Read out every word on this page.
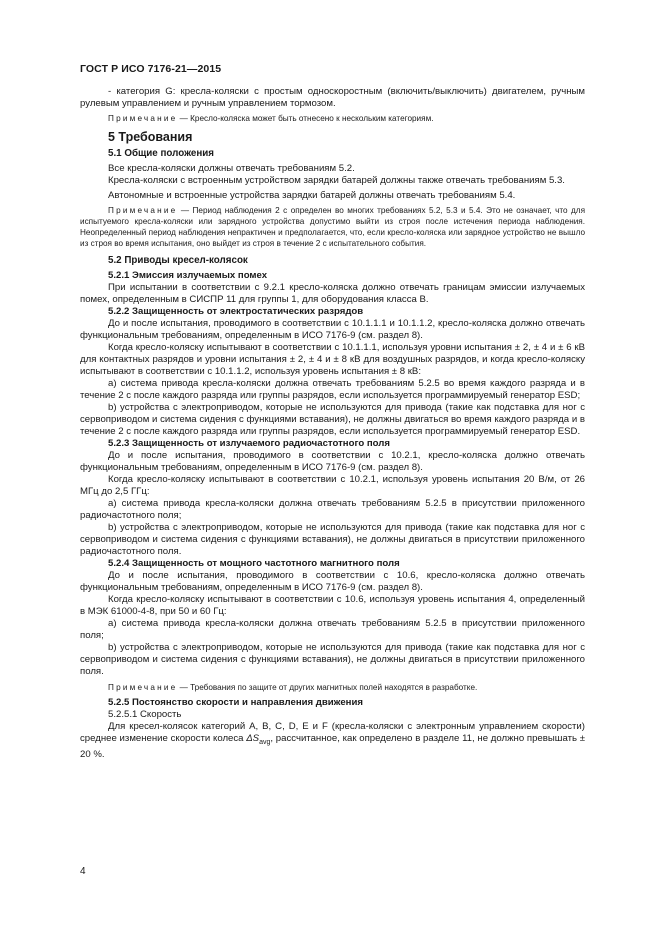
ГОСТ Р ИСО 7176-21—2015

- категория G: кресла-коляски с простым односкоростным (включить/выключить) двигателем, ручным рулевым управлением и ручным управлением тормозом.

Примечание — Кресло-коляска может быть отнесено к нескольким категориям.

5 Требования
5.1 Общие положения

Все кресла-коляски должны отвечать требованиям 5.2.

Кресла-коляски с встроенным устройством зарядки батарей должны также отвечать требованиям 5.3.

Автономные и встроенные устройства зарядки батарей должны отвечать требованиям 5.4.

Примечание — Период наблюдения 2 с определен во многих требованиях 5.2, 5.3 и 5.4. Это не означает, что для испытуемого кресла-коляски или зарядного устройства допустимо выйти из строя после истечения периода наблюдения. Неопределенный период наблюдения непрактичен и предполагается, что, если кресло-коляска или зарядное устройство не вышло из строя во время испытания, оно выйдет из строя в течение 2 с испытательного события.

5.2 Приводы кресел-колясок
5.2.1 Эмиссия излучаемых помех

При испытании в соответствии с 9.2.1 кресло-коляска должно отвечать границам эмиссии излучаемых помех, определенным в СИСПР 11 для группы 1, для оборудования класса В.

5.2.2 Защищенность от электростатических разрядов

До и после испытания, проводимого в соответствии с 10.1.1.1 и 10.1.1.2, кресло-коляска должно отвечать функциональным требованиям, определенным в ИСО 7176-9 (см. раздел 8).

Когда кресло-коляску испытывают в соответствии с 10.1.1.1, используя уровни испытания ± 2, ± 4 и ± 6 кВ для контактных разрядов и уровни испытания ± 2, ± 4 и ± 8 кВ для воздушных разрядов, и когда кресло-коляску испытывают в соответствии с 10.1.1.2, используя уровень испытания ± 8 кВ:

а) система привода кресла-коляски должна отвечать требованиям 5.2.5 во время каждого разряда и в течение 2 с после каждого разряда или группы разрядов, если используется программируемый генератор ESD;

b) устройства с электроприводом, которые не используются для привода (такие как подставка для ног с сервоприводом и система сидения с функциями вставания), не должны двигаться во время каждого разряда и в течение 2 с после каждого разряда или группы разрядов, если используется программируемый генератор ESD.

5.2.3 Защищенность от излучаемого радиочастотного поля

До и после испытания, проводимого в соответствии с 10.2.1, кресло-коляска должно отвечать функциональным требованиям, определенным в ИСО 7176-9 (см. раздел 8).

Когда кресло-коляску испытывают в соответствии с 10.2.1, используя уровень испытания 20 В/м, от 26 МГц до 2,5 ГГц:

а) система привода кресла-коляски должна отвечать требованиям 5.2.5 в присутствии приложенного радиочастотного поля;

b) устройства с электроприводом, которые не используются для привода (такие как подставка для ног с сервоприводом и система сидения с функциями вставания), не должны двигаться в присутствии приложенного радиочастотного поля.

5.2.4 Защищенность от мощного частотного магнитного поля

До и после испытания, проводимого в соответствии с 10.6, кресло-коляска должно отвечать функциональным требованиям, определенным в ИСО 7176-9 (см. раздел 8).

Когда кресло-коляску испытывают в соответствии с 10.6, используя уровень испытания 4, определенный в МЭК 61000-4-8, при 50 и 60 Гц:

а) система привода кресла-коляски должна отвечать требованиям 5.2.5 в присутствии приложенного поля;

b) устройства с электроприводом, которые не используются для привода (такие как подставка для ног с сервоприводом и система сидения с функциями вставания), не должны двигаться в присутствии приложенного поля.

Примечание — Требования по защите от других магнитных полей находятся в разработке.

5.2.5 Постоянство скорости и направления движения
5.2.5.1 Скорость

Для кресел-колясок категорий А, В, С, D, Е и F (кресла-коляски с электронным управлением скорости) среднее изменение скорости колеса $\Delta S_{avg}$, рассчитанное, как определено в разделе 11, не должно превышать ± 20 %.

4
